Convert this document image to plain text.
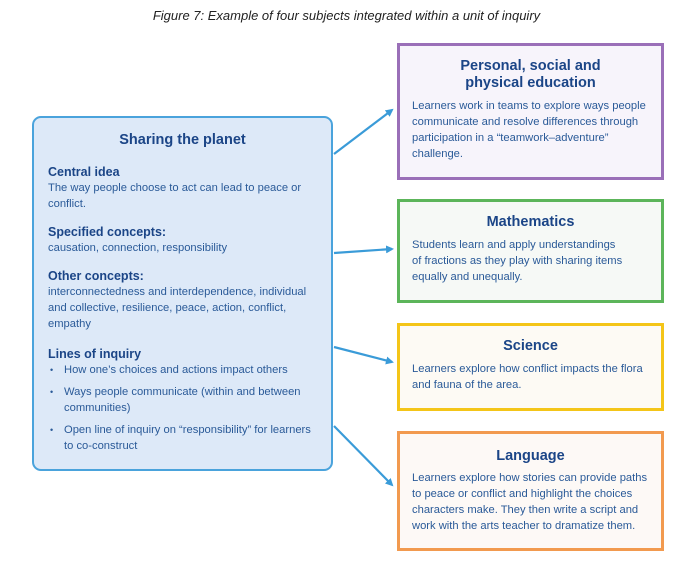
Figure 7: Example of four subjects integrated within a unit of inquiry
Sharing the planet
Central idea
The way people choose to act can lead to peace or
conflict.
Specified concepts:
causation, connection, responsibility
Other concepts:
interconnectedness and interdependence, individual
and collective, resilience, peace, action, conflict,
empathy
Lines of inquiry
• How one’s choices and actions impact others
• Ways people communicate (within and between
communities)
• Open line of inquiry on “responsibility” for learners
to co-construct
Personal, social and
physical education
Learners work in teams to explore ways people
communicate and resolve differences through
participation in a “teamwork–adventure”
challenge.
Mathematics
Students learn and apply understandings
of fractions as they play with sharing items
equally and unequally.
Science
Learners explore how conflict impacts the flora
and fauna of the area.
Language
Learners explore how stories can provide paths
to peace or conflict and highlight the choices
characters make. They then write a script and
work with the arts teacher to dramatize them.
